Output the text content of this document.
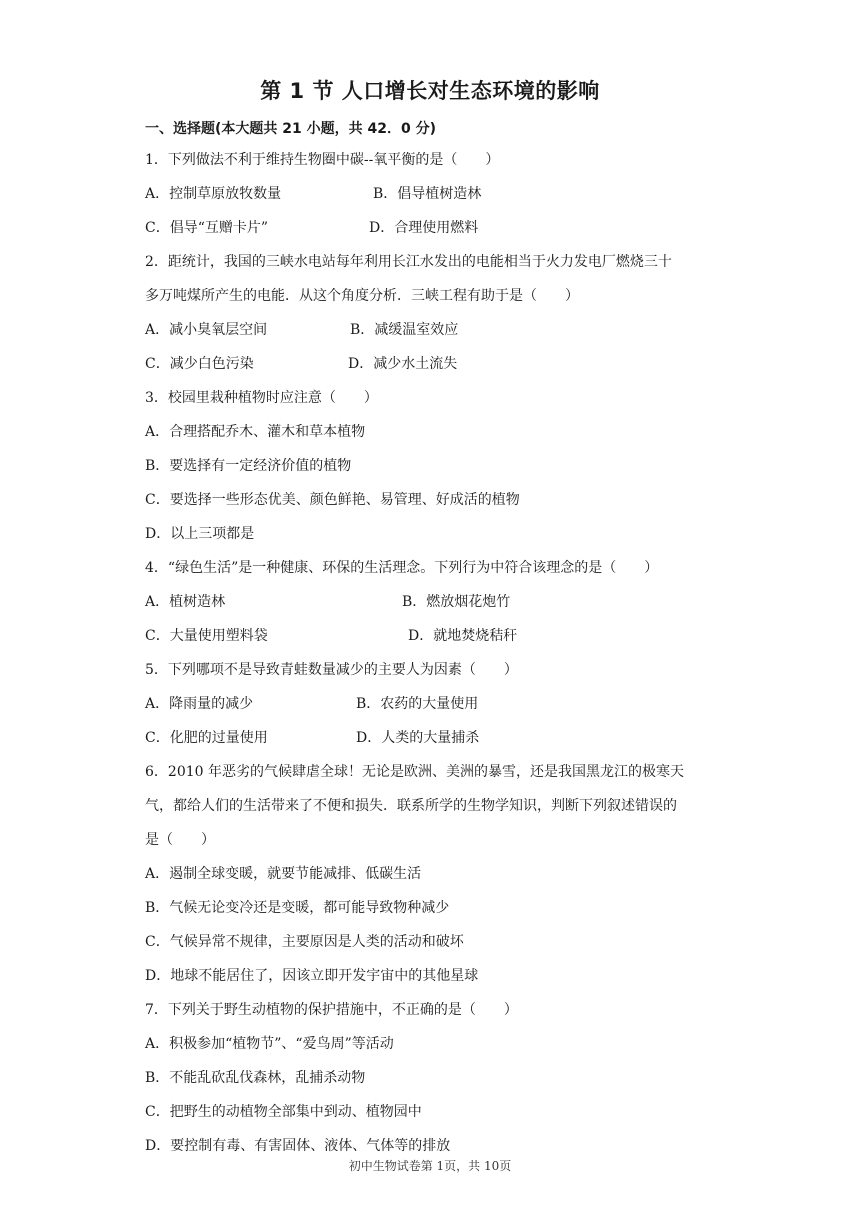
第 1 节 人口增长对生态环境的影响
一、选择题(本大题共 21 小题，共 42．0 分)
1．下列做法不利于维持生物圈中碳--氧平衡的是（　　）
A．控制草原放牧数量	B．倡导植树造林
C．倡导“互赠卡片”	D．合理使用燃料
2．距统计，我国的三峡水电站每年利用长江水发出的电能相当于火力发电厂燃烧三十
多万吨煤所产生的电能．从这个角度分析．三峡工程有助于是（　　）
A．减小臭氧层空间	B．减缓温室效应
C．减少白色污染	D．减少水土流失
3．校园里栽种植物时应注意（　　）
A．合理搭配乔木、灌木和草本植物
B．要选择有一定经济价值的植物
C．要选择一些形态优美、颜色鲜艳、易管理、好成活的植物
D．以上三项都是
4．“绿色生活”是一种健康、环保的生活理念。下列行为中符合该理念的是（　　）
A．植树造林	B．燃放烟花炮竹
C．大量使用塑料袋	D．就地焚烧秸秆
5．下列哪项不是导致青蛙数量减少的主要人为因素（　　）
A．降雨量的减少	B．农药的大量使用
C．化肥的过量使用	D．人类的大量捕杀
6．2010 年恶劣的气候肆虐全球！无论是欧洲、美洲的暴雪，还是我国黑龙江的极寒天
气，都给人们的生活带来了不便和损失．联系所学的生物学知识，判断下列叙述错误的
是（　　）
A．遏制全球变暖，就要节能减排、低碳生活
B．气候无论变冷还是变暖，都可能导致物种减少
C．气候异常不规律，主要原因是人类的活动和破坏
D．地球不能居住了，因该立即开发宇宙中的其他星球
7．下列关于野生动植物的保护措施中，不正确的是（　　）
A．积极参加“植物节”、“爱鸟周”等活动
B．不能乱砍乱伐森林，乱捕杀动物
C．把野生的动植物全部集中到动、植物园中
D．要控制有毒、有害固体、液体、气体等的排放
初中生物试卷第 1页，共 10页
